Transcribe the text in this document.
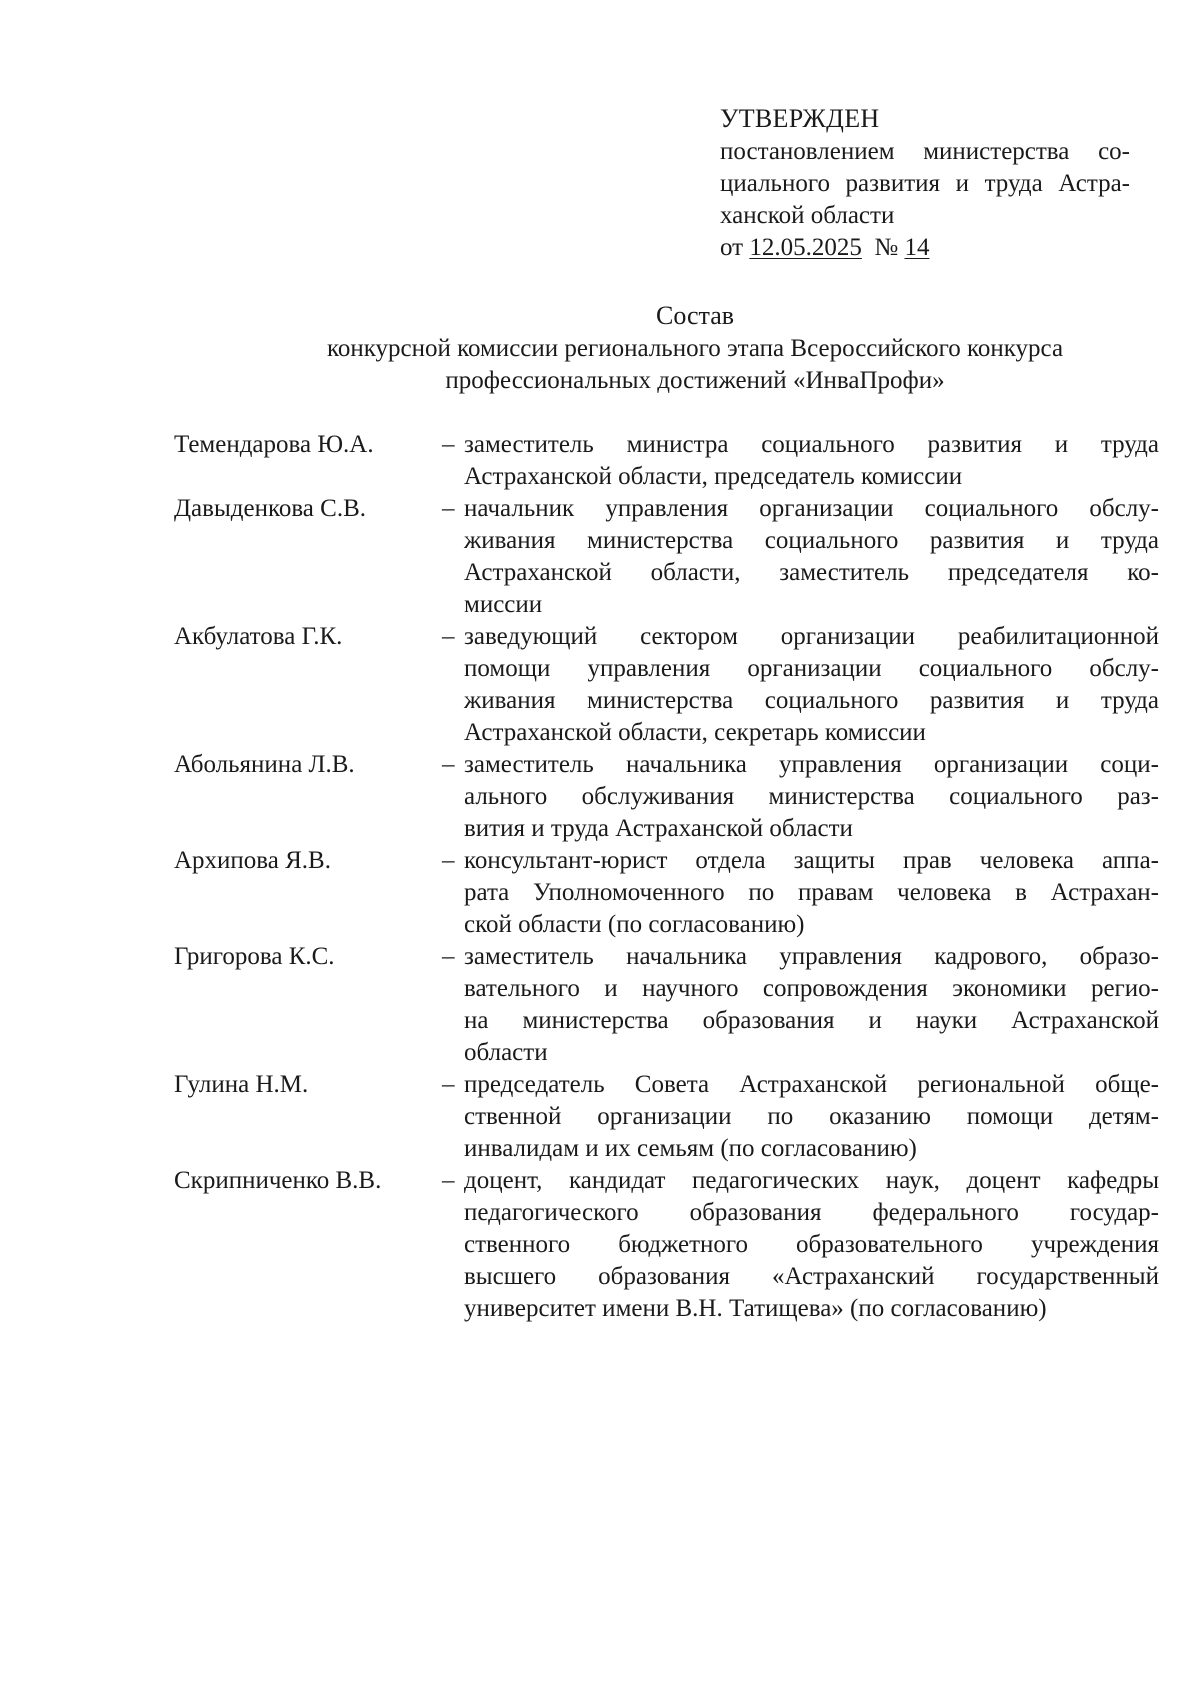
УТВЕРЖДЕН
постановлением министерства со-
циального развития и труда Астра-
ханской области
от 12.05.2025 № 14
Состав
конкурсной комиссии регионального этапа Всероссийского конкурса
профессиональных достижений «ИнваПрофи»
Темендарова Ю.А.	– заместитель министра социального развития и труда
Астраханской области, председатель комиссии
Давыденкова С.В.	– начальник управления организации социального обслу-
живания министерства социального развития и труда
Астраханской области, заместитель председателя ко-
миссии
Акбулатова Г.К.	– заведующий сектором организации реабилитационной
помощи управления организации социального обслу-
живания министерства социального развития и труда
Астраханской области, секретарь комиссии
Абольянина Л.В.	– заместитель начальника управления организации соци-
ального обслуживания министерства социального раз-
вития и труда Астраханской области
Архипова Я.В.	– консультант-юрист отдела защиты прав человека аппа-
рата Уполномоченного по правам человека в Астрахан-
ской области (по согласованию)
Григорова К.С.	– заместитель начальника управления кадрового, образо-
вательного и научного сопровождения экономики регио-
на министерства образования и науки Астраханской
области
Гулина Н.М.	– председатель Совета Астраханской региональной обще-
ственной организации по оказанию помощи детям-
инвалидам и их семьям (по согласованию)
Скрипниченко В.В.	– доцент, кандидат педагогических наук, доцент кафедры
педагогического образования федерального государ-
ственного бюджетного образовательного учреждения
высшего образования «Астраханский государственный
университет имени В.Н. Татищева» (по согласованию)
